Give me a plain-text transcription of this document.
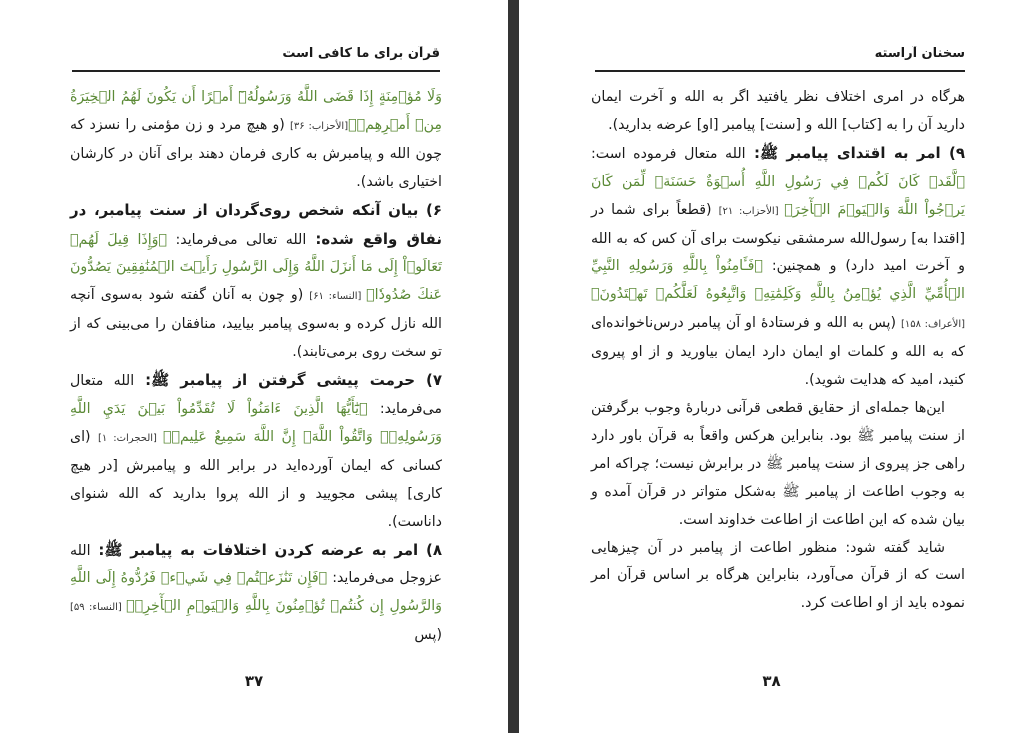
قرآن برای ما کافی است

وَلَا مُؤۡمِنَةٍ إِذَا قَضَى اللَّهُ وَرَسُولُهُۥٓ أَمۡرًا أَن يَكُونَ لَهُمُ الۡخِيَرَةُ مِنۡ أَمۡرِهِمۡ﴾[الأحزاب: ۳۶] (و هیچ مرد و زن مؤمنی را نسزد که چون الله و پیامبرش به کاری فرمان دهند برای آنان در کارشان اختیاری باشد).

۶) بیان آنکه شخص روی‌گردان از سنت پیامبر، در نفاق واقع شده: الله تعالی می‌فرماید: ﴿وَإِذَا قِيلَ لَهُمۡ تَعَالَوۡاْ إِلَى مَا أَنزَلَ اللَّهُ وَإِلَى الرَّسُولِ رَأَيۡتَ الۡمُنَٰفِقِينَ يَصُدُّونَ عَنكَ صُدُودٗا﴾ [النساء: ۶۱] (و چون به آنان گفته شود به‌سوی آنچه الله نازل کرده و به‌سوی پیامبر بیایید، منافقان را می‌بینی که از تو سخت روی برمی‌تابند).

۷) حرمت پیشی گرفتن از پیامبر ﷺ: الله متعال می‌فرماید: ﴿يَٰٓأَيُّهَا الَّذِينَ ءَامَنُواْ لَا تُقَدِّمُواْ بَيۡنَ يَدَيِ اللَّهِ وَرَسُولِهِۦۖ وَاتَّقُواْ اللَّهَۚ إِنَّ اللَّهَ سَمِيعٌ عَلِيمٞ﴾ [الحجرات: ۱] (ای کسانی که ایمان آورده‌اید در برابر الله و پیامبرش [در هیچ کاری] پیشی مجویید و از الله پروا بدارید که الله شنوای داناست).

۸) امر به عرضه کردن اختلافات به پیامبر ﷺ: الله عزوجل می‌فرماید: ﴿فَإِن تَنَٰزَعۡتُمۡ فِي شَيۡءٖ فَرُدُّوهُ إِلَى اللَّهِ وَالرَّسُولِ إِن كُنتُمۡ تُؤۡمِنُونَ بِاللَّهِ وَالۡيَوۡمِ الۡأٓخِرِۚ﴾ [النساء: ۵۹] (پس

۳۷
سخنان آراسته

هرگاه در امری اختلاف نظر یافتید اگر به الله و آخرت ایمان دارید آن را به [کتاب] الله و [سنت] پیامبر [او] عرضه بدارید).

۹) امر به اقتدای پیامبر ﷺ: الله متعال فرموده است: ﴿لَّقَدۡ كَانَ لَكُمۡ فِي رَسُولِ اللَّهِ أُسۡوَةٌ حَسَنَةٞ لِّمَن كَانَ يَرۡجُواْ اللَّهَ وَالۡيَوۡمَ الۡأٓخِرَ﴾ [الأحزاب: ۲۱] (قطعاً برای شما در [اقتدا به] رسول‌الله سرمشقی نیکوست برای آن کس که به الله و آخرت امید دارد) و همچنین: ﴿فَـَٔامِنُواْ بِاللَّهِ وَرَسُولِهِ النَّبِيِّ الۡأُمِّيِّ الَّذِي يُؤۡمِنُ بِاللَّهِ وَكَلِمَٰتِهِۦ وَاتَّبِعُوهُ لَعَلَّكُمۡ تَهۡتَدُونَ﴾ [الأعراف: ۱۵۸] (پس به الله و فرستاده‌ٔ او آن پیامبر درس‌ناخوانده‌ای که به الله و کلمات او ایمان دارد ایمان بیاورید و از او پیروی کنید، امید که هدایت شوید).

این‌ها جمله‌ای از حقایق قطعی قرآنی دربارهٔ وجوب برگرفتن از سنت پیامبر ﷺ بود. بنابراین هرکس واقعاً به قرآن باور دارد راهی جز پیروی از سنت پیامبر ﷺ در برابرش نیست؛ چراکه امر به وجوب اطاعت از پیامبر ﷺ به‌شکل متواتر در قرآن آمده و بیان شده که این اطاعت از اطاعت خداوند است.

شاید گفته شود: منظور اطاعت از پیامبر در آن چیزهایی است که از قرآن می‌آورد، بنابراین هرگاه بر اساس قرآن امر نموده باید از او اطاعت کرد.

۳۸
